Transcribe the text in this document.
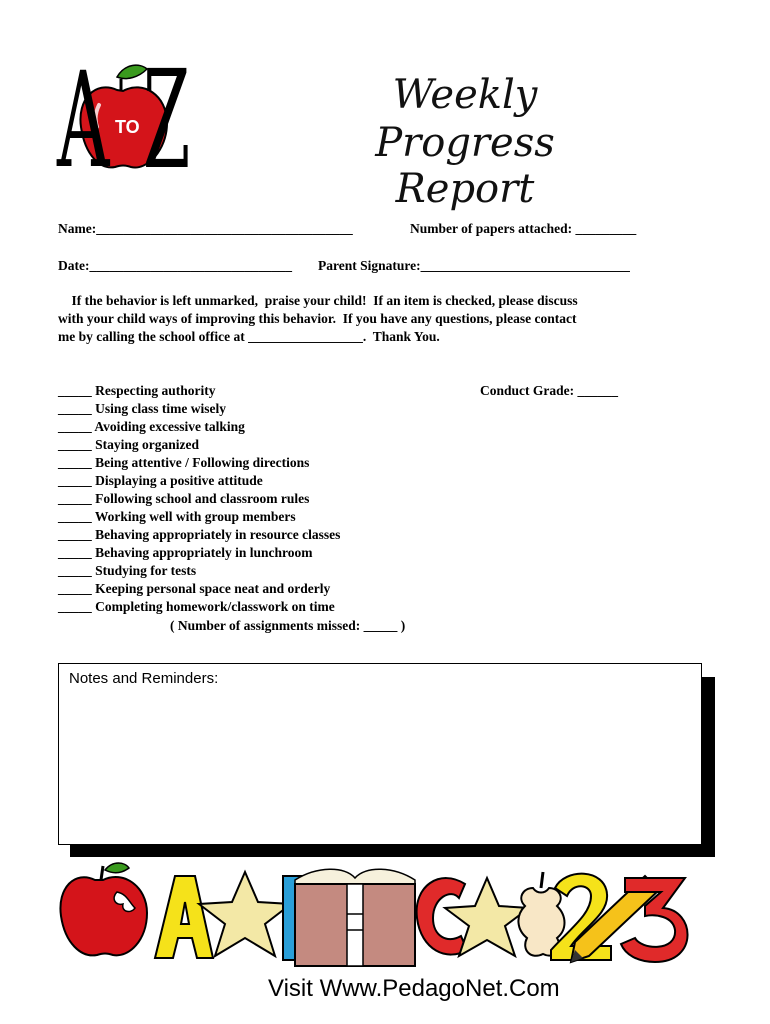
A Z
TO
Weekly
Progress Report
Name:______________________________________	Number of papers attached: _________
Date:______________________________ Parent Signature:_______________________________
If the behavior is left unmarked,  praise your child!  If an item is checked, please discuss
with your child ways of improving this behavior.  If you have any questions, please contact
me by calling the school office at _________________.  Thank You.
Conduct Grade: ______
_____ Respecting authority
_____ Using class time wisely
_____ Avoiding excessive talking
_____ Staying organized
_____ Being attentive / Following directions
_____ Displaying a positive attitude
_____ Following school and classroom rules
_____ Working well with group members
_____ Behaving appropriately in resource classes
_____ Behaving appropriately in lunchroom
_____ Studying for tests
_____ Keeping personal space neat and orderly
_____ Completing homework/classwork on time
( Number of assignments missed: _____ )
Notes and Reminders:
Visit Www.PedagoNet.Com
